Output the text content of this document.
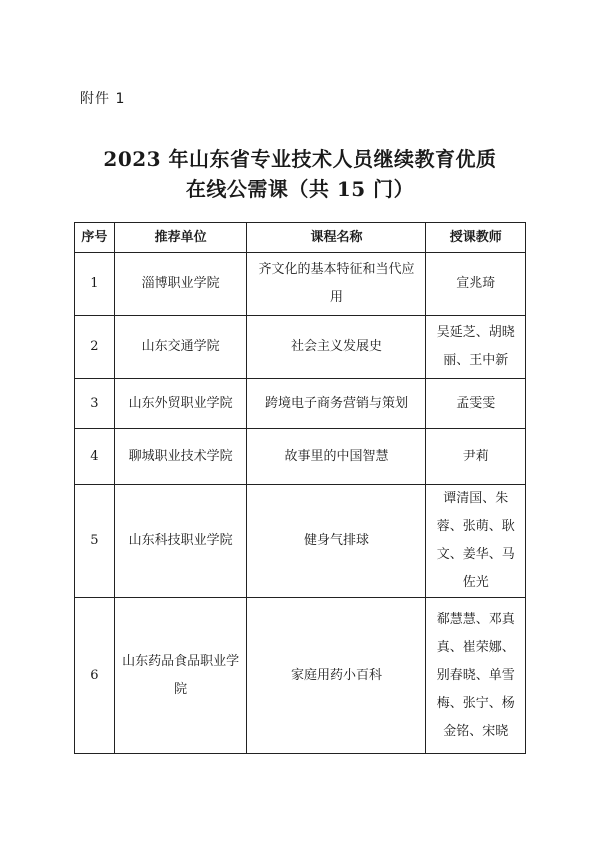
附件 1
2023 年山东省专业技术人员继续教育优质
在线公需课（共 15 门）
序号	推荐单位	课程名称	授课教师
1	淄博职业学院	齐文化的基本特征和当代应用	宣兆琦
2	山东交通学院	社会主义发展史	吴延芝、胡晓丽、王中新
3	山东外贸职业学院	跨境电子商务营销与策划	孟雯雯
4	聊城职业技术学院	故事里的中国智慧	尹莉
5	山东科技职业学院	健身气排球	谭清国、朱蓉、张萌、耿文、姜华、马佐光
6	山东药品食品职业学院	家庭用药小百科	郗慧慧、邓真真、崔荣娜、别春晓、单雪梅、张宁、杨金铭、宋晓
